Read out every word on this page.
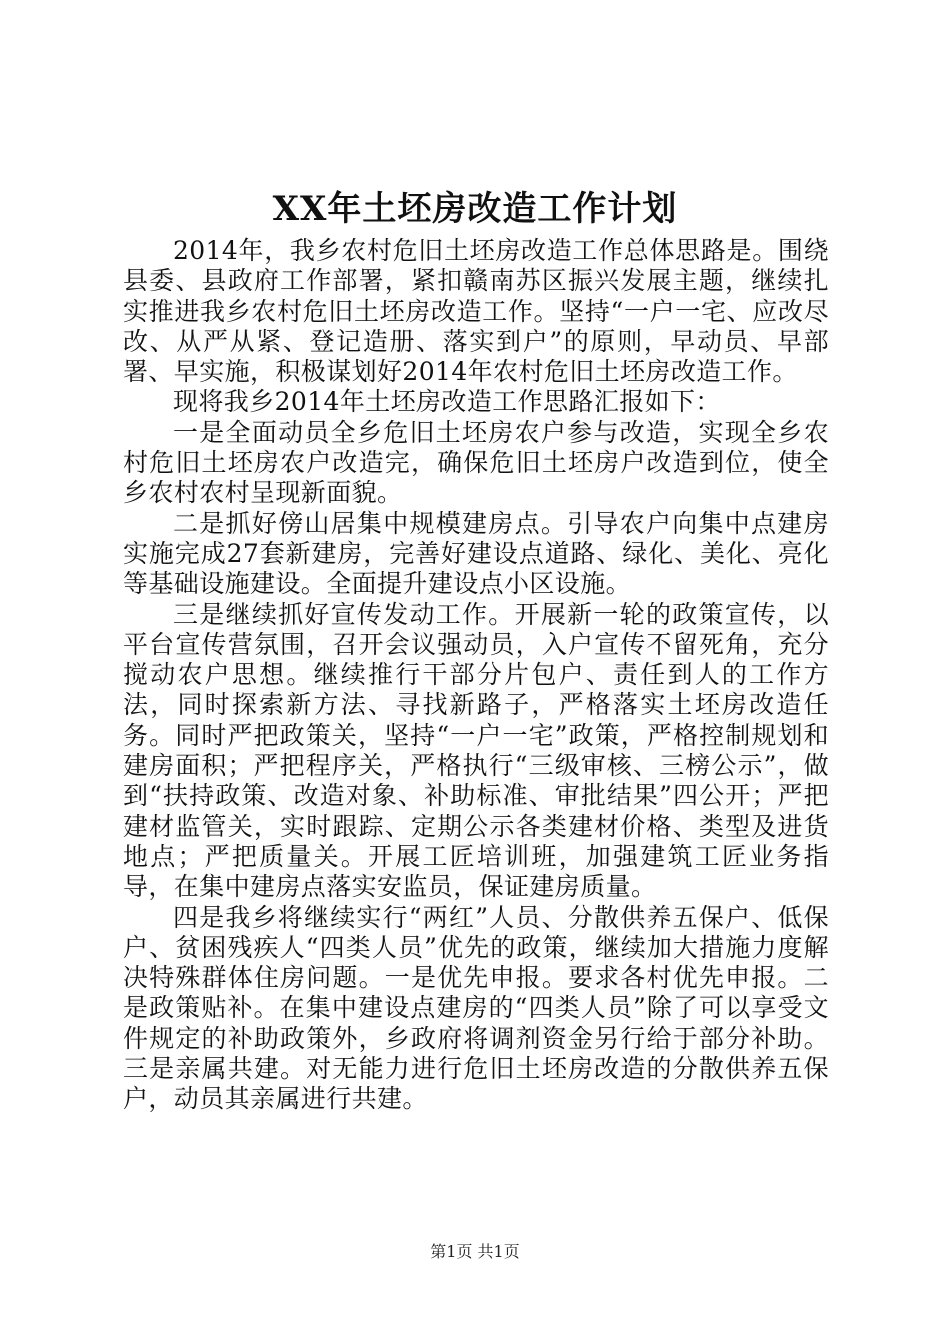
XX年土坯房改造工作计划

2014年，我乡农村危旧土坯房改造工作总体思路是。围绕县委、县政府工作部署，紧扣赣南苏区振兴发展主题，继续扎实推进我乡农村危旧土坯房改造工作。坚持“一户一宅、应改尽改、从严从紧、登记造册、落实到户”的原则，早动员、早部署、早实施，积极谋划好2014年农村危旧土坯房改造工作。

现将我乡2014年土坯房改造工作思路汇报如下：

一是全面动员全乡危旧土坯房农户参与改造，实现全乡农村危旧土坯房农户改造完，确保危旧土坯房户改造到位，使全乡农村农村呈现新面貌。

二是抓好傍山居集中规模建房点。引导农户向集中点建房实施完成27套新建房，完善好建设点道路、绿化、美化、亮化等基础设施建设。全面提升建设点小区设施。

三是继续抓好宣传发动工作。开展新一轮的政策宣传，以平台宣传营氛围，召开会议强动员，入户宣传不留死角，充分搅动农户思想。继续推行干部分片包户、责任到人的工作方法，同时探索新方法、寻找新路子，严格落实土坯房改造任务。同时严把政策关，坚持“一户一宅”政策，严格控制规划和建房面积；严把程序关，严格执行“三级审核、三榜公示”，做到“扶持政策、改造对象、补助标准、审批结果”四公开；严把建材监管关，实时跟踪、定期公示各类建材价格、类型及进货地点；严把质量关。开展工匠培训班，加强建筑工匠业务指导，在集中建房点落实安监员，保证建房质量。

四是我乡将继续实行“两红”人员、分散供养五保户、低保户、贫困残疾人“四类人员”优先的政策，继续加大措施力度解决特殊群体住房问题。一是优先申报。要求各村优先申报。二是政策贴补。在集中建设点建房的“四类人员”除了可以享受文件规定的补助政策外，乡政府将调剂资金另行给于部分补助。三是亲属共建。对无能力进行危旧土坯房改造的分散供养五保户，动员其亲属进行共建。

第1页 共1页
